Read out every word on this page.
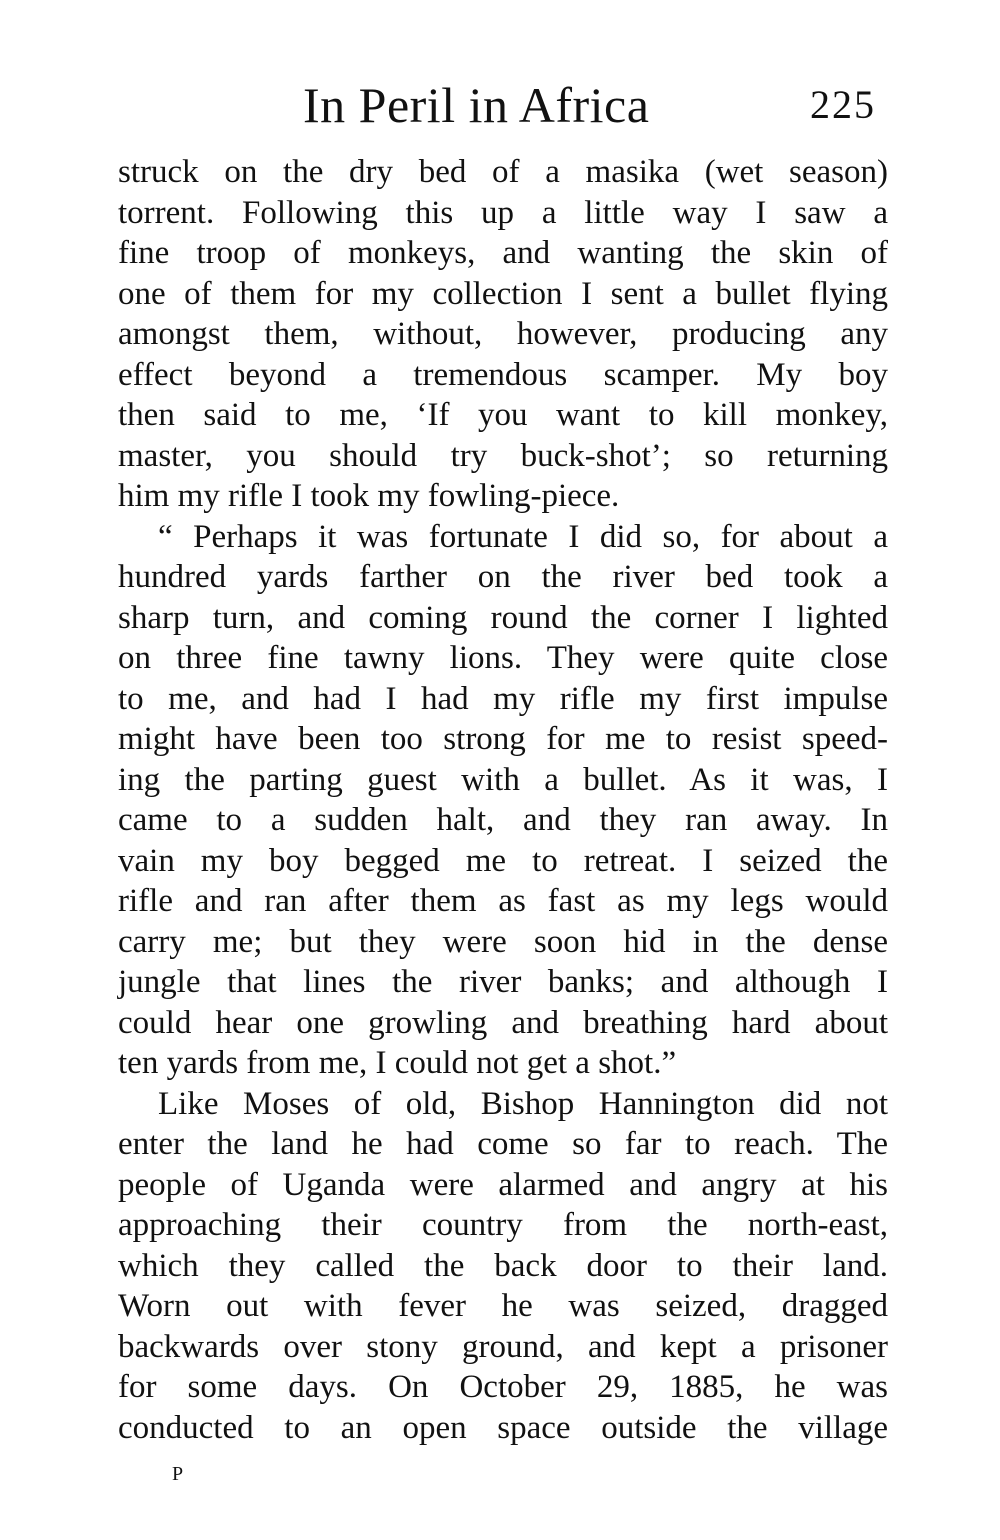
In Peril in Africa	225
struck on the dry bed of a masika (wet season)
torrent. Following this up a little way I saw a
fine troop of monkeys, and wanting the skin of
one of them for my collection I sent a bullet flying
amongst them, without, however, producing any
effect beyond a tremendous scamper. My boy
then said to me, ‘If you want to kill monkey,
master, you should try buck-shot’; so returning
him my rifle I took my fowling-piece.
“ Perhaps it was fortunate I did so, for about a
hundred yards farther on the river bed took a
sharp turn, and coming round the corner I lighted
on three fine tawny lions. They were quite close
to me, and had I had my rifle my first impulse
might have been too strong for me to resist speed-
ing the parting guest with a bullet. As it was, I
came to a sudden halt, and they ran away. In
vain my boy begged me to retreat. I seized the
rifle and ran after them as fast as my legs would
carry me; but they were soon hid in the dense
jungle that lines the river banks; and although I
could hear one growling and breathing hard about
ten yards from me, I could not get a shot.”
Like Moses of old, Bishop Hannington did not
enter the land he had come so far to reach. The
people of Uganda were alarmed and angry at his
approaching their country from the north-east,
which they called the back door to their land.
Worn out with fever he was seized, dragged
backwards over stony ground, and kept a prisoner
for some days. On October 29, 1885, he was
conducted to an open space outside the village
P
